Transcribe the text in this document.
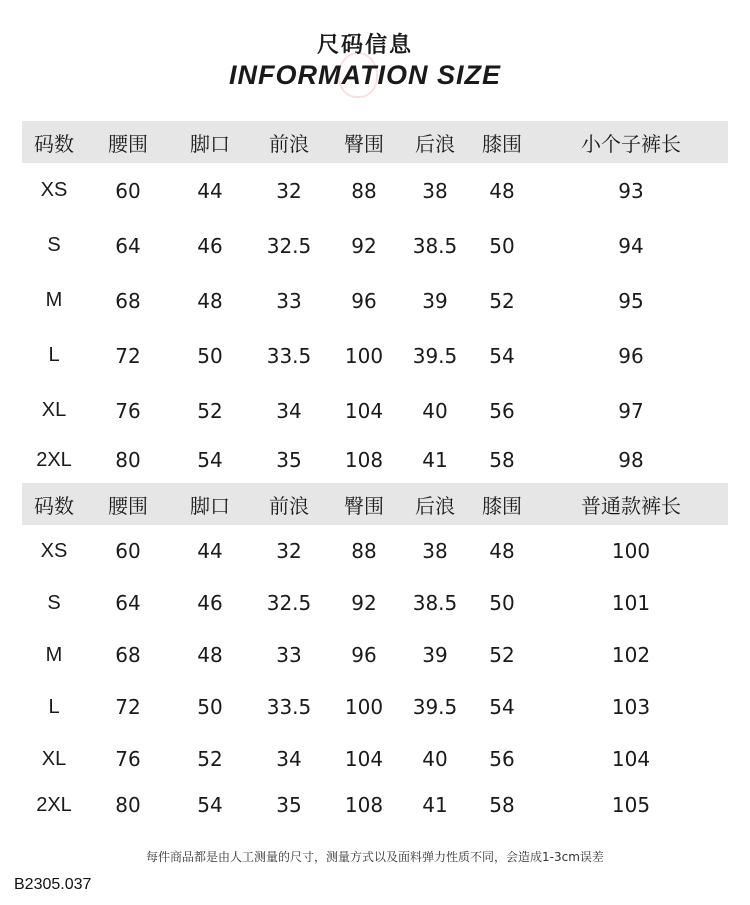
尺码信息
INFORMATION SIZE
码数	腰围	脚口	前浪	臀围	后浪	膝围	小个子裤长
XS	60	44	32	88	38	48	93
S	64	46	32.5	92	38.5	50	94
M	68	48	33	96	39	52	95
L	72	50	33.5	100	39.5	54	96
XL	76	52	34	104	40	56	97
2XL	80	54	35	108	41	58	98
码数	腰围	脚口	前浪	臀围	后浪	膝围	普通款裤长
XS	60	44	32	88	38	48	100
S	64	46	32.5	92	38.5	50	101
M	68	48	33	96	39	52	102
L	72	50	33.5	100	39.5	54	103
XL	76	52	34	104	40	56	104
2XL	80	54	35	108	41	58	105
每件商品都是由人工测量的尺寸，测量方式以及面料弹力性质不同，会造成1-3cm误差
B2305.037
